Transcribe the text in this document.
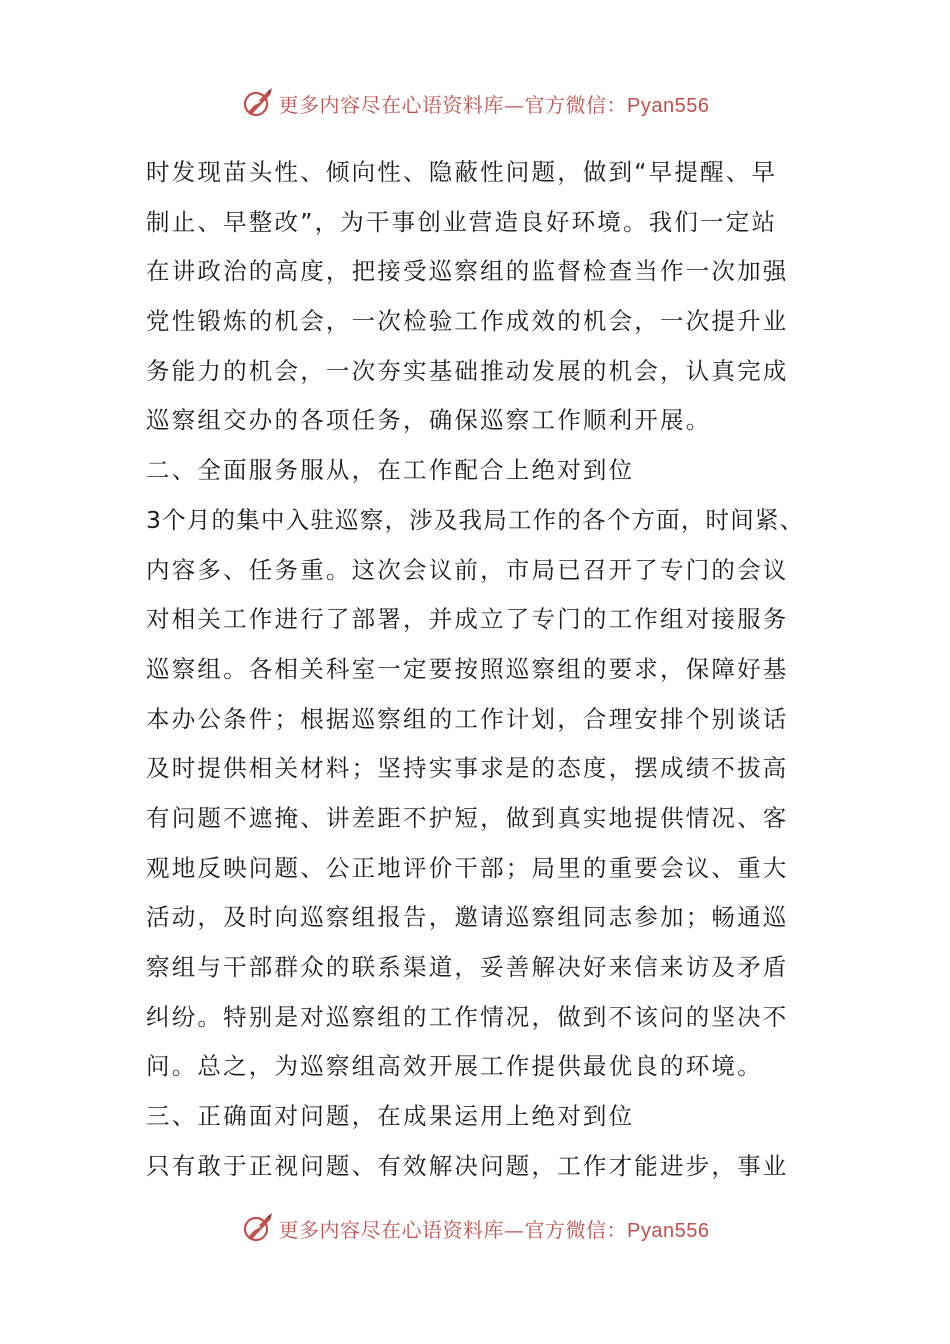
更多内容尽在心语资料库—官方微信：Pyan556
时发现苗头性、倾向性、隐蔽性问题，做到“早提醒、早
制止、早整改”，为干事创业营造良好环境。我们一定站
在讲政治的高度，把接受巡察组的监督检查当作一次加强
党性锻炼的机会，一次检验工作成效的机会，一次提升业
务能力的机会，一次夯实基础推动发展的机会，认真完成
巡察组交办的各项任务，确保巡察工作顺利开展。
二、全面服务服从，在工作配合上绝对到位
3个月的集中入驻巡察，涉及我局工作的各个方面，时间紧、
内容多、任务重。这次会议前，市局已召开了专门的会议
对相关工作进行了部署，并成立了专门的工作组对接服务
巡察组。各相关科室一定要按照巡察组的要求，保障好基
本办公条件；根据巡察组的工作计划，合理安排个别谈话
及时提供相关材料；坚持实事求是的态度，摆成绩不拔高
有问题不遮掩、讲差距不护短，做到真实地提供情况、客
观地反映问题、公正地评价干部；局里的重要会议、重大
活动，及时向巡察组报告，邀请巡察组同志参加；畅通巡
察组与干部群众的联系渠道，妥善解决好来信来访及矛盾
纠纷。特别是对巡察组的工作情况，做到不该问的坚决不
问。总之，为巡察组高效开展工作提供最优良的环境。
三、正确面对问题，在成果运用上绝对到位
只有敢于正视问题、有效解决问题，工作才能进步，事业
更多内容尽在心语资料库—官方微信：Pyan556
